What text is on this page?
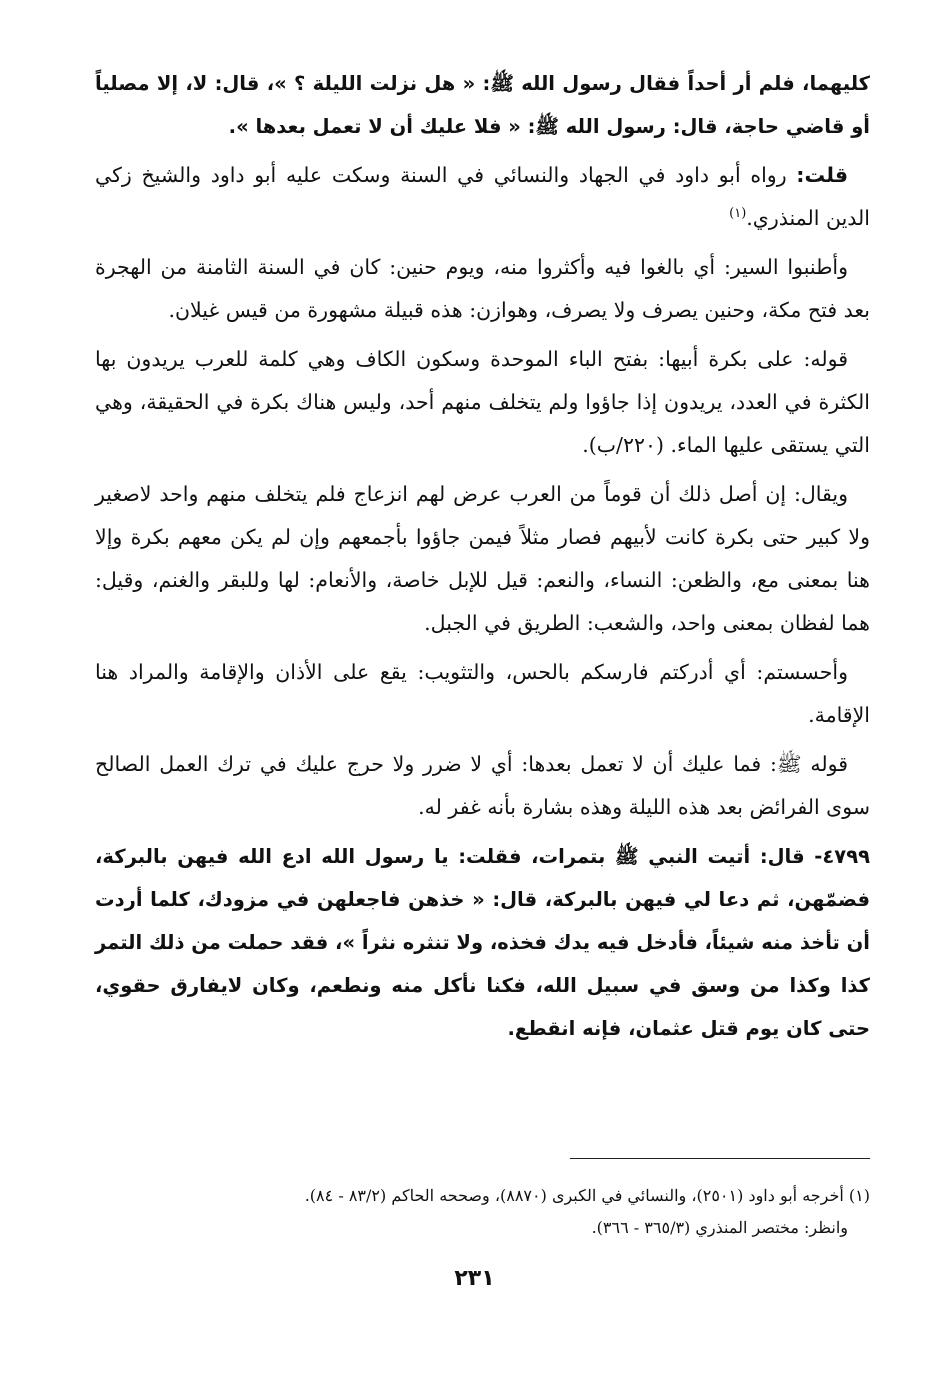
كليهما، فلم أر أحداً فقال رسول الله ﷺ: « هل نزلت الليلة ؟ »، قال: لا، إلا مصلياً أو قاضي حاجة، قال: رسول الله ﷺ: « فلا عليك أن لا تعمل بعدها ».

قلت: رواه أبو داود في الجهاد والنسائي في السنة وسكت عليه أبو داود والشيخ زكي الدين المنذري.$^{(١)}$

وأطنبوا السير: أي بالغوا فيه وأكثروا منه، ويوم حنين: كان في السنة الثامنة من الهجرة بعد فتح مكة، وحنين يصرف ولا يصرف، وهوازن: هذه قبيلة مشهورة من قيس غيلان.

قوله: على بكرة أبيها: بفتح الباء الموحدة وسكون الكاف وهي كلمة للعرب يريدون بها الكثرة في العدد، يريدون إذا جاؤوا ولم يتخلف منهم أحد، وليس هناك بكرة في الحقيقة، وهي التي يستقى عليها الماء. (٢٢٠/ب).

ويقال: إن أصل ذلك أن قوماً من العرب عرض لهم انزعاج فلم يتخلف منهم واحد لاصغير ولا كبير حتى بكرة كانت لأبيهم فصار مثلاً فيمن جاؤوا بأجمعهم وإن لم يكن معهم بكرة وإلا هنا بمعنى مع، والظعن: النساء، والنعم: قيل للإبل خاصة، والأنعام: لها وللبقر والغنم، وقيل: هما لفظان بمعنى واحد، والشعب: الطريق في الجبل.

وأحسستم: أي أدركتم فارسكم بالحس، والتثويب: يقع على الأذان والإقامة والمراد هنا الإقامة.

قوله ﷺ: فما عليك أن لا تعمل بعدها: أي لا ضرر ولا حرج عليك في ترك العمل الصالح سوى الفرائض بعد هذه الليلة وهذه بشارة بأنه غفر له.

٤٧٩٩- قال: أتيت النبي ﷺ بتمرات، فقلت: يا رسول الله ادع الله فيهن بالبركة، فضمّهن، ثم دعا لي فيهن بالبركة، قال: « خذهن فاجعلهن في مزودك، كلما أردت أن تأخذ منه شيئاً، فأدخل فيه يدك فخذه، ولا تنثره نثراً »، فقد حملت من ذلك التمر كذا وكذا من وسق في سبيل الله، فكنا نأكل منه ونطعم، وكان لايفارق حقوي، حتى كان يوم قتل عثمان، فإنه انقطع.

(١) أخرجه أبو داود (٢٥٠١)، والنسائي في الكبرى (٨٨٧٠)، وصححه الحاكم (٨٣/٢ - ٨٤).
وانظر: مختصر المنذري (٣٦٥/٣ - ٣٦٦).
٢٣١
